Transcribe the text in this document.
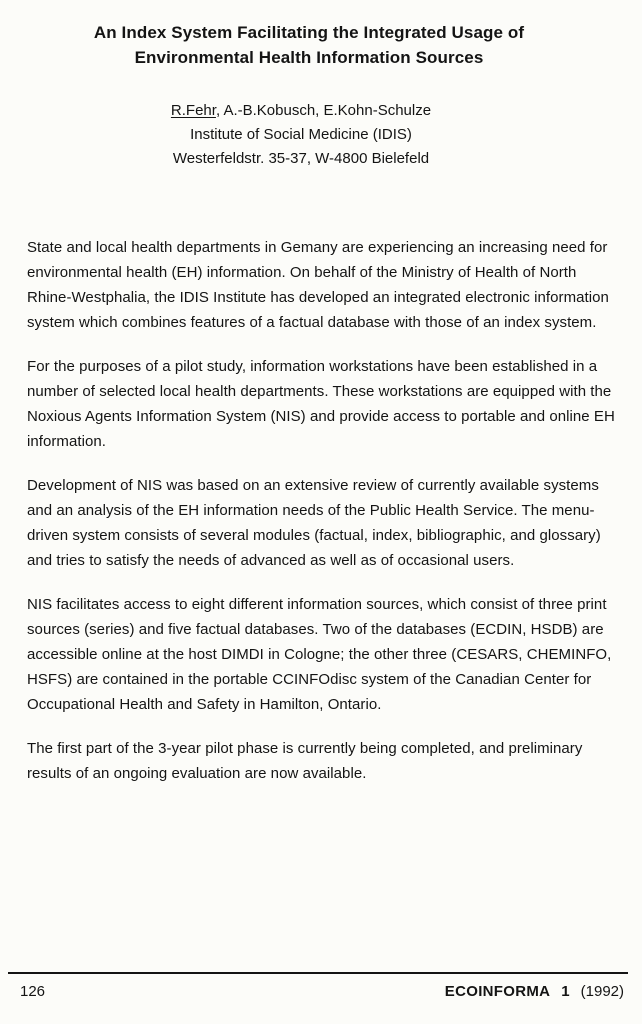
An Index System Facilitating the Integrated Usage of
Environmental Health Information Sources
R.Fehr, A.-B.Kobusch, E.Kohn-Schulze
Institute of Social Medicine (IDIS)
Westerfeldstr. 35-37, W-4800 Bielefeld

State and local health departments in Gemany are experiencing an increasing need for environmental health (EH) information. On behalf of the Ministry of Health of North Rhine-Westphalia, the IDIS Institute has developed an integrated electronic information system which combines features of a factual database with those of an index system.

For the purposes of a pilot study, information workstations have been established in a number of selected local health departments. These workstations are equipped with the Noxious Agents Information System (NIS) and provide access to portable and online EH information.

Development of NIS was based on an extensive review of currently available systems and an analysis of the EH information needs of the Public Health Service. The menu-driven system consists of several modules (factual, index, bibliographic, and glossary) and tries to satisfy the needs of advanced as well as of occasional users.

NIS facilitates access to eight different information sources, which consist of three print sources (series) and five factual databases. Two of the databases (ECDIN, HSDB) are accessible online at the host DIMDI in Cologne; the other three (CESARS, CHEMINFO, HSFS) are contained in the portable CCINFOdisc system of the Canadian Center for Occupational Health and Safety in Hamilton, Ontario.

The first part of the 3-year pilot phase is currently being completed, and preliminary results of an ongoing evaluation are now available.

126	ECOINFORMA 1 (1992)
